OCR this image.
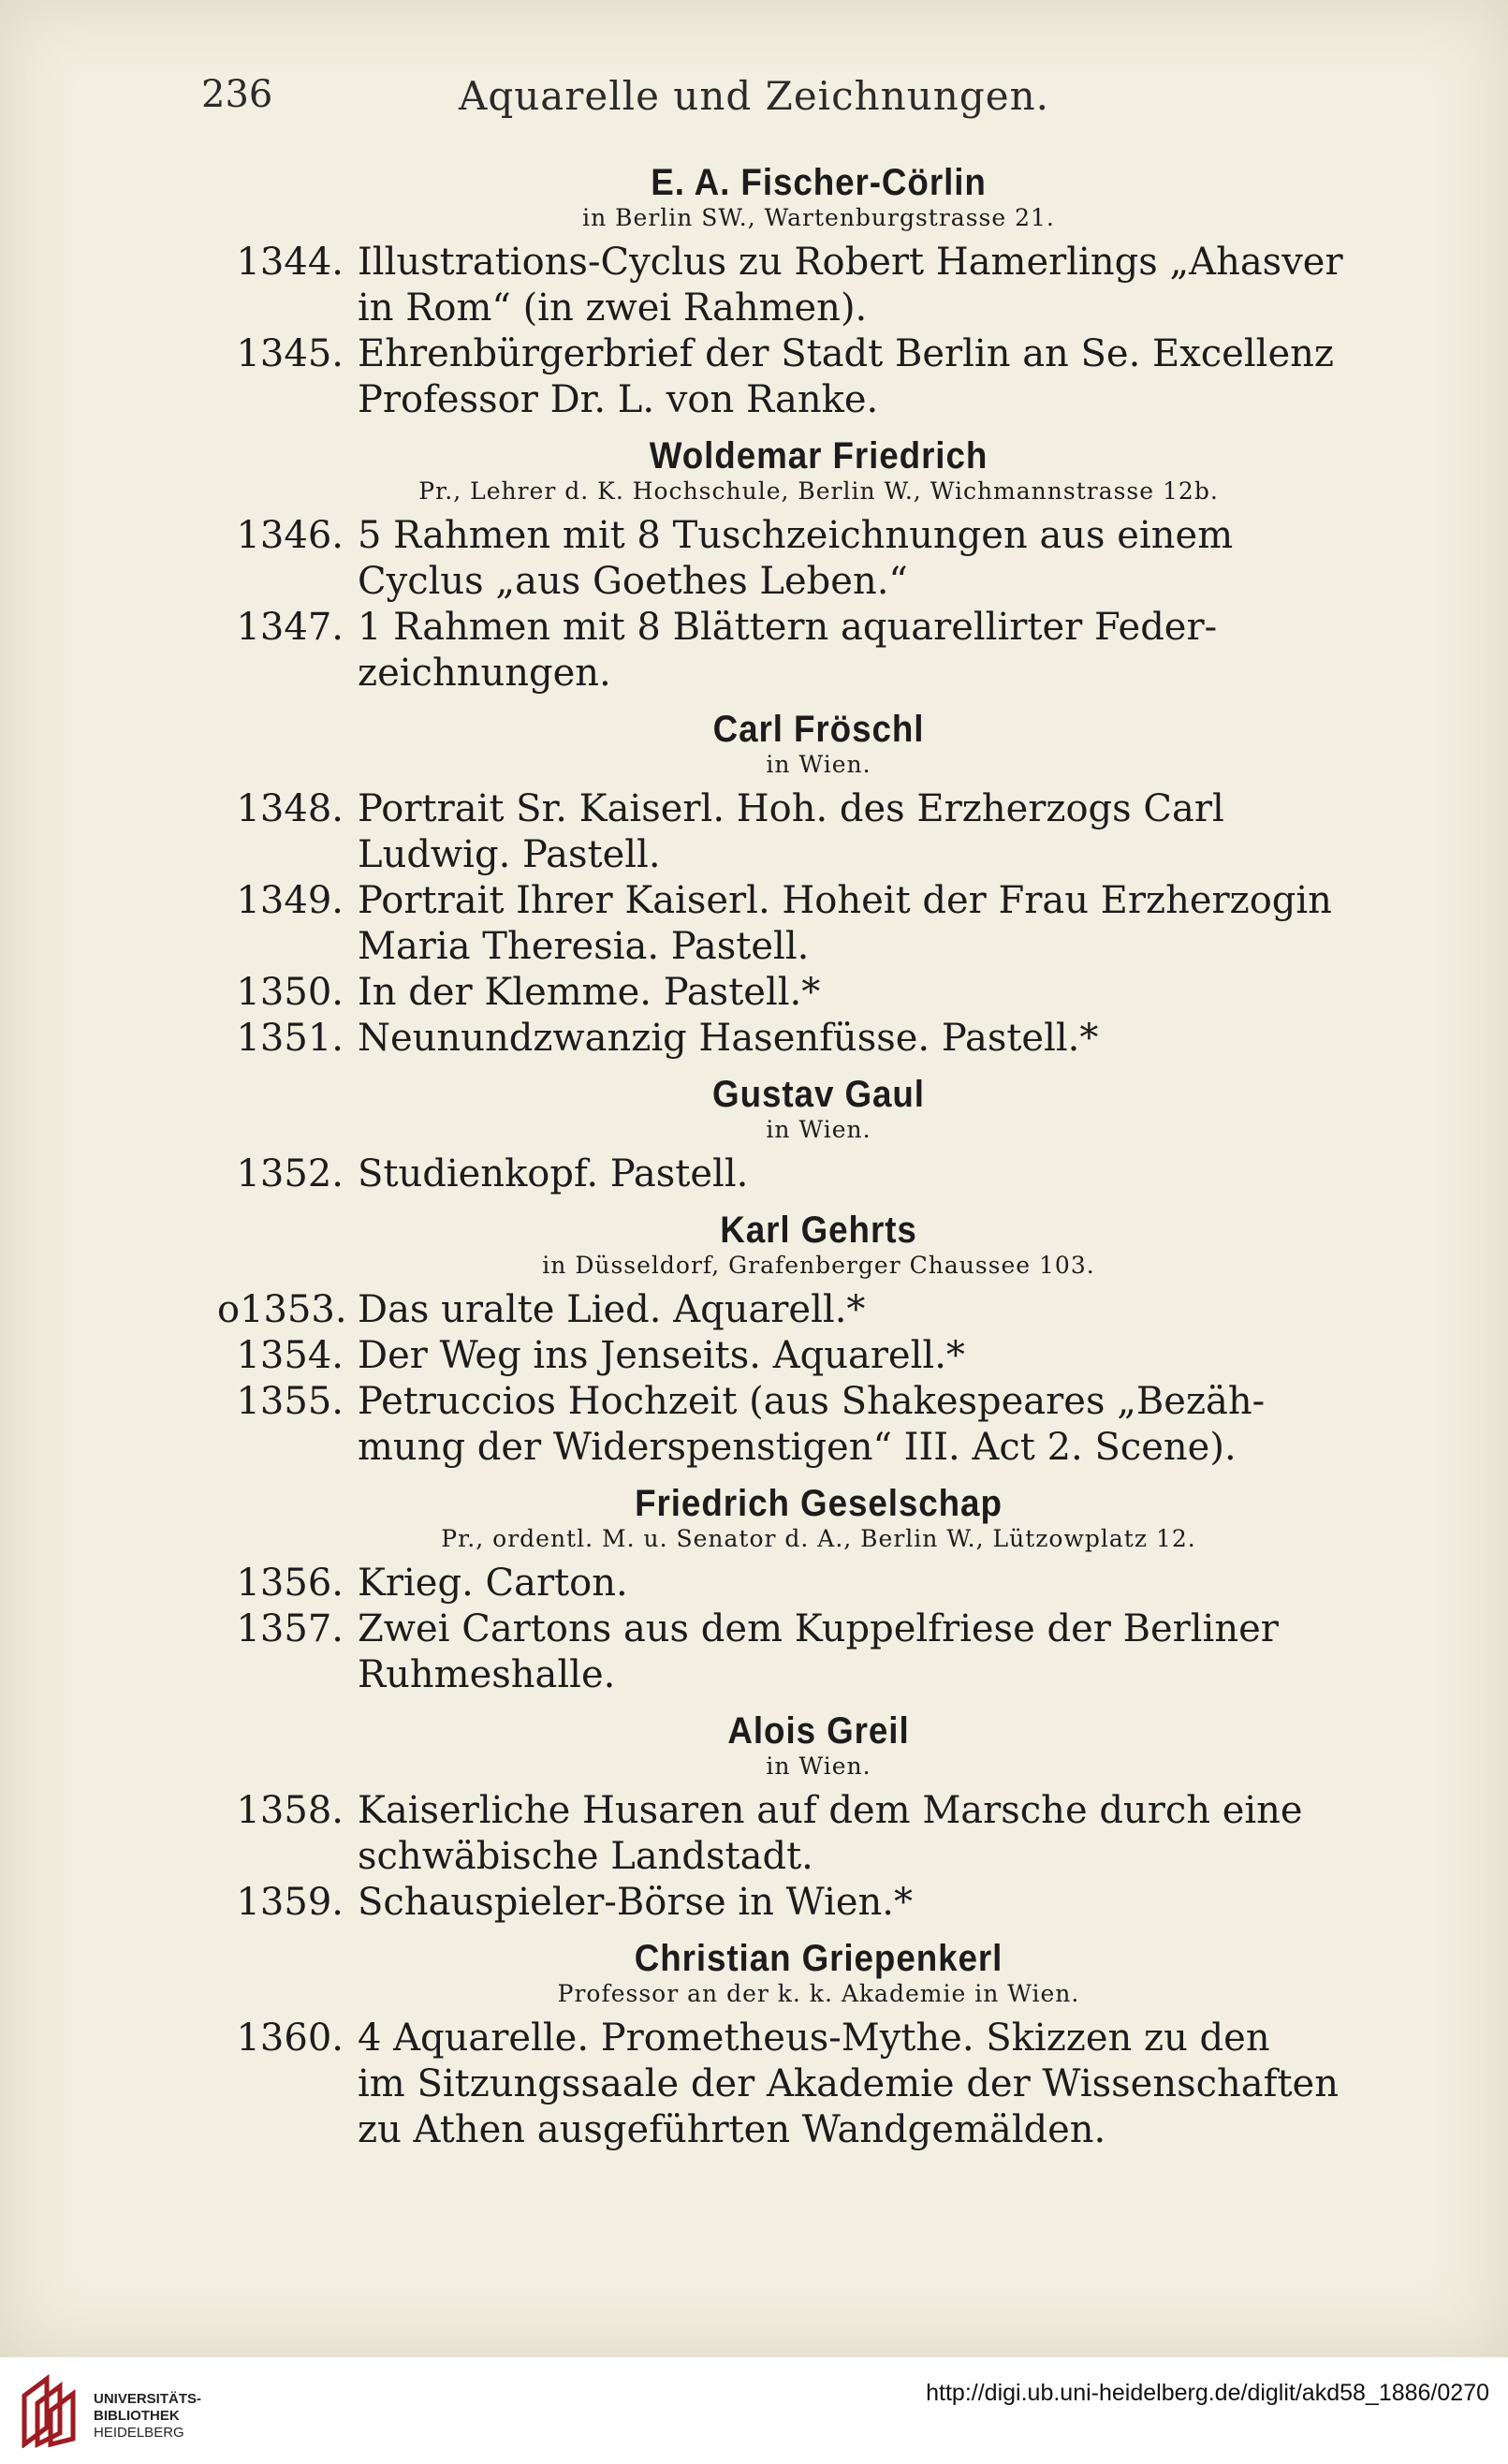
236	Aquarelle und Zeichnungen.
E. A. Fischer-Cörlin
in Berlin SW., Wartenburgstrasse 21.
1344. Illustrations-Cyclus zu Robert Hamerlings „Ahasver
in Rom“ (in zwei Rahmen).
1345. Ehrenbürgerbrief der Stadt Berlin an Se. Excellenz
Professor Dr. L. von Ranke.
Woldemar Friedrich
Pr., Lehrer d. K. Hochschule, Berlin W., Wichmannstrasse 12b.
1346. 5 Rahmen mit 8 Tuschzeichnungen aus einem
Cyclus „aus Goethes Leben.“
1347. 1 Rahmen mit 8 Blättern aquarellirter Feder-
zeichnungen.
Carl Fröschl
in Wien.
1348. Portrait Sr. Kaiserl. Hoh. des Erzherzogs Carl
Ludwig. Pastell.
1349. Portrait Ihrer Kaiserl. Hoheit der Frau Erzherzogin
Maria Theresia. Pastell.
1350. In der Klemme. Pastell.*
1351. Neunundzwanzig Hasenfüsse. Pastell.*
Gustav Gaul
in Wien.
1352. Studienkopf. Pastell.
Karl Gehrts
in Düsseldorf, Grafenberger Chaussee 103.
o1353. Das uralte Lied. Aquarell.*
1354. Der Weg ins Jenseits. Aquarell.*
1355. Petruccios Hochzeit (aus Shakespeares „Bezäh-
mung der Widerspenstigen“ III. Act 2. Scene).
Friedrich Geselschap
Pr., ordentl. M. u. Senator d. A., Berlin W., Lützowplatz 12.
1356. Krieg. Carton.
1357. Zwei Cartons aus dem Kuppelfriese der Berliner
Ruhmeshalle.
Alois Greil
in Wien.
1358. Kaiserliche Husaren auf dem Marsche durch eine
schwäbische Landstadt.
1359. Schauspieler-Börse in Wien.*
Christian Griepenkerl
Professor an der k. k. Akademie in Wien.
1360. 4 Aquarelle. Prometheus-Mythe. Skizzen zu den
im Sitzungssaale der Akademie der Wissenschaften
zu Athen ausgeführten Wandgemälden.
UNIVERSITÄTS-
BIBLIOTHEK
HEIDELBERG
http://digi.ub.uni-heidelberg.de/diglit/akd58_1886/0270
